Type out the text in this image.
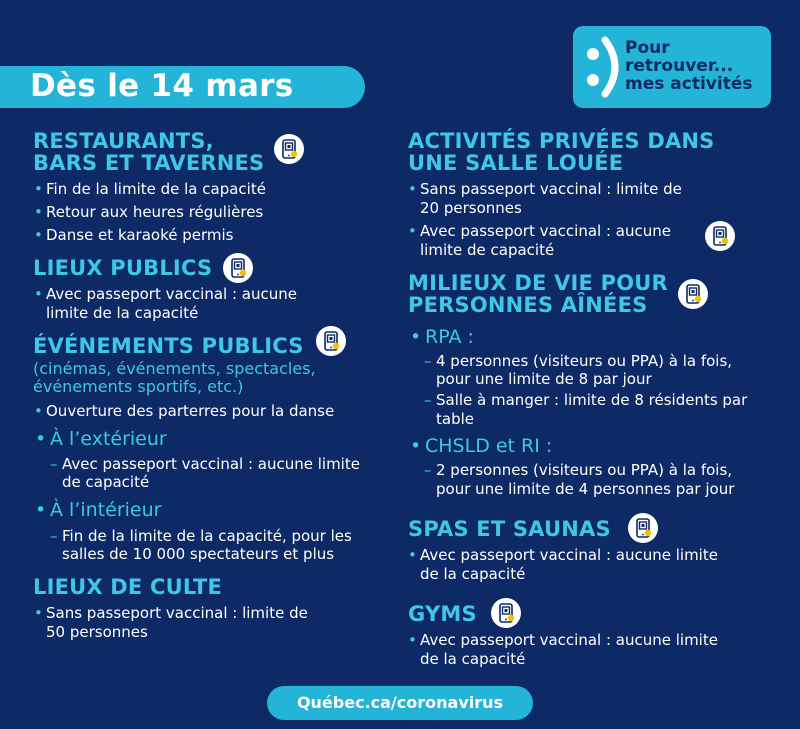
Dès le 14 mars
Pour
retrouver...
mes activités
RESTAURANTS,
BARS ET TAVERNES
• Fin de la limite de la capacité
• Retour aux heures régulières
• Danse et karaoké permis
LIEUX PUBLICS
• Avec passeport vaccinal : aucune
limite de la capacité
ÉVÉNEMENTS PUBLICS
(cinémas, événements, spectacles,
événements sportifs, etc.)
• Ouverture des parterres pour la danse
• À l’extérieur
– Avec passeport vaccinal : aucune limite
de capacité
• À l’intérieur
– Fin de la limite de la capacité, pour les
salles de 10 000 spectateurs et plus
LIEUX DE CULTE
• Sans passeport vaccinal : limite de
50 personnes
ACTIVITÉS PRIVÉES DANS
UNE SALLE LOUÉE
• Sans passeport vaccinal : limite de
20 personnes
• Avec passeport vaccinal : aucune
limite de capacité
MILIEUX DE VIE POUR
PERSONNES AÎNÉES
• RPA :
– 4 personnes (visiteurs ou PPA) à la fois,
pour une limite de 8 par jour
– Salle à manger : limite de 8 résidents par
table
• CHSLD et RI :
– 2 personnes (visiteurs ou PPA) à la fois,
pour une limite de 4 personnes par jour
SPAS ET SAUNAS
• Avec passeport vaccinal : aucune limite
de la capacité
GYMS
• Avec passeport vaccinal : aucune limite
de la capacité
Québec.ca/coronavirus
